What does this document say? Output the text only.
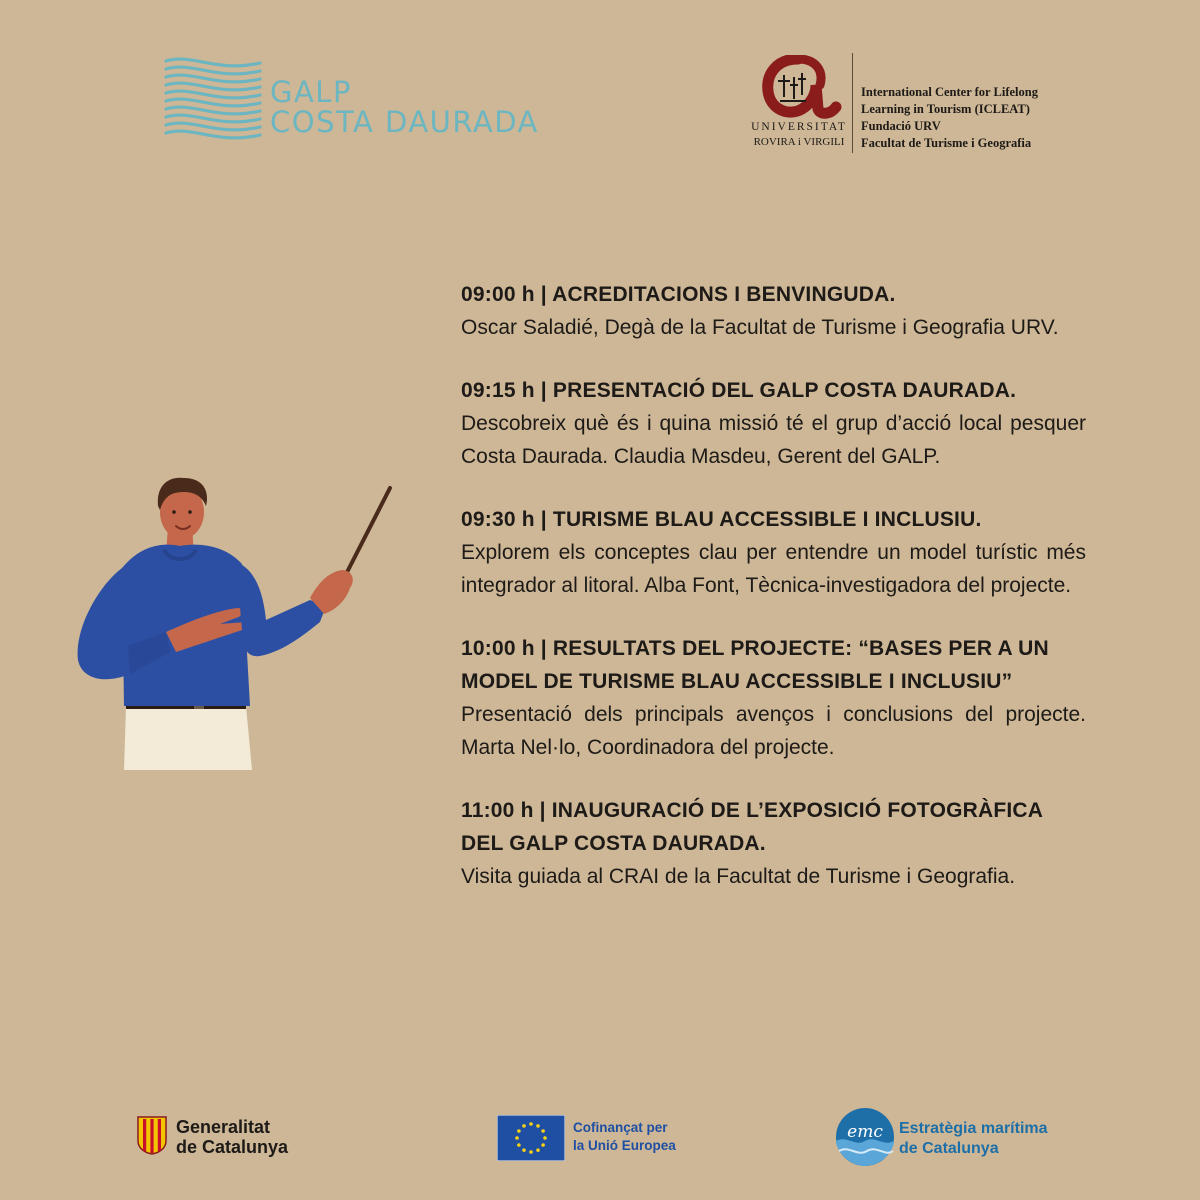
GALP
COSTA DAURADA	UNIVERSITAT
ROVIRA i VIRGILI
International Center for Lifelong
Learning in Tourism (ICLEAT)
Fundació URV
Facultat de Turisme i Geografia
09:00 h | ACREDITACIONS I BENVINGUDA.
Oscar Saladié, Degà de la Facultat de Turisme i Geografia URV.
09:15 h | PRESENTACIÓ DEL GALP COSTA DAURADA.
Descobreix què és i quina missió té el grup d’acció local pesquer Costa Daurada. Claudia Masdeu, Gerent del GALP.
09:30 h | TURISME BLAU ACCESSIBLE I INCLUSIU.
Explorem els conceptes clau per entendre un model turístic més integrador al litoral. Alba Font, Tècnica-investigadora del projecte.
10:00 h | RESULTATS DEL PROJECTE: “BASES PER A UN MODEL DE TURISME BLAU ACCESSIBLE I INCLUSIU”
Presentació dels principals avenços i conclusions del projecte. Marta Nel·lo, Coordinadora del projecte.
11:00 h | INAUGURACIÓ DE L’EXPOSICIÓ FOTOGRÀFICA DEL GALP COSTA DAURADA.
Visita guiada al CRAI de la Facultat de Turisme i Geografia.
Generalitat
de Catalunya
Cofinançat per
la Unió Europea
emc Estratègia marítima
de Catalunya
